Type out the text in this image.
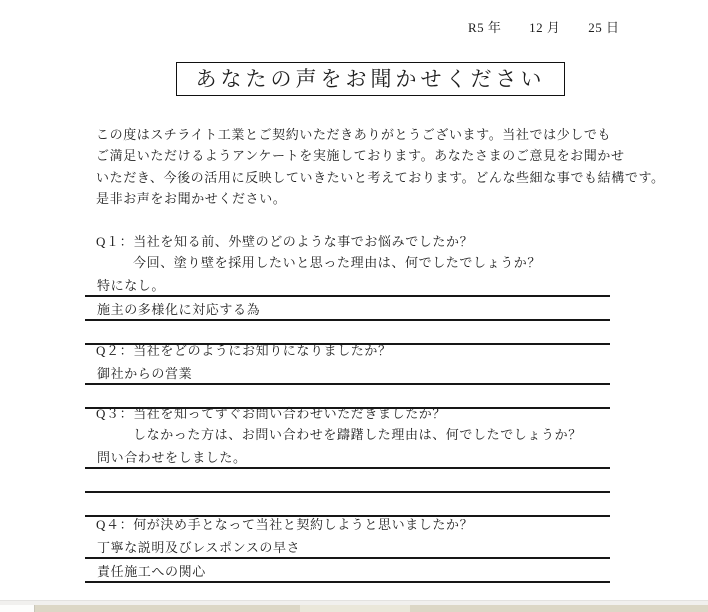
R5 年 12 月 25 日
あなたの声をお聞かせください
この度はスチライト工業とご契約いただきありがとうございます。当社では少しでも
ご満足いただけるようアンケートを実施しております。あなたさまのご意見をお聞かせ
いただき、今後の活用に反映していきたいと考えております。どんな些細な事でも結構です。
是非お声をお聞かせください。
Q１：当社を知る前、外壁のどのような事でお悩みでしたか？
今回、塗り壁を採用したいと思った理由は、何でしたでしょうか？
特になし。
施主の多様化に対応する為
Q２：当社をどのようにお知りになりましたか？
御社からの営業
Q３：当社を知ってすぐお問い合わせいただきましたか？
しなかった方は、お問い合わせを躊躇した理由は、何でしたでしょうか？
問い合わせをしました。
Q４：何が決め手となって当社と契約しようと思いましたか？
丁寧な説明及びレスポンスの早さ
責任施工への関心
